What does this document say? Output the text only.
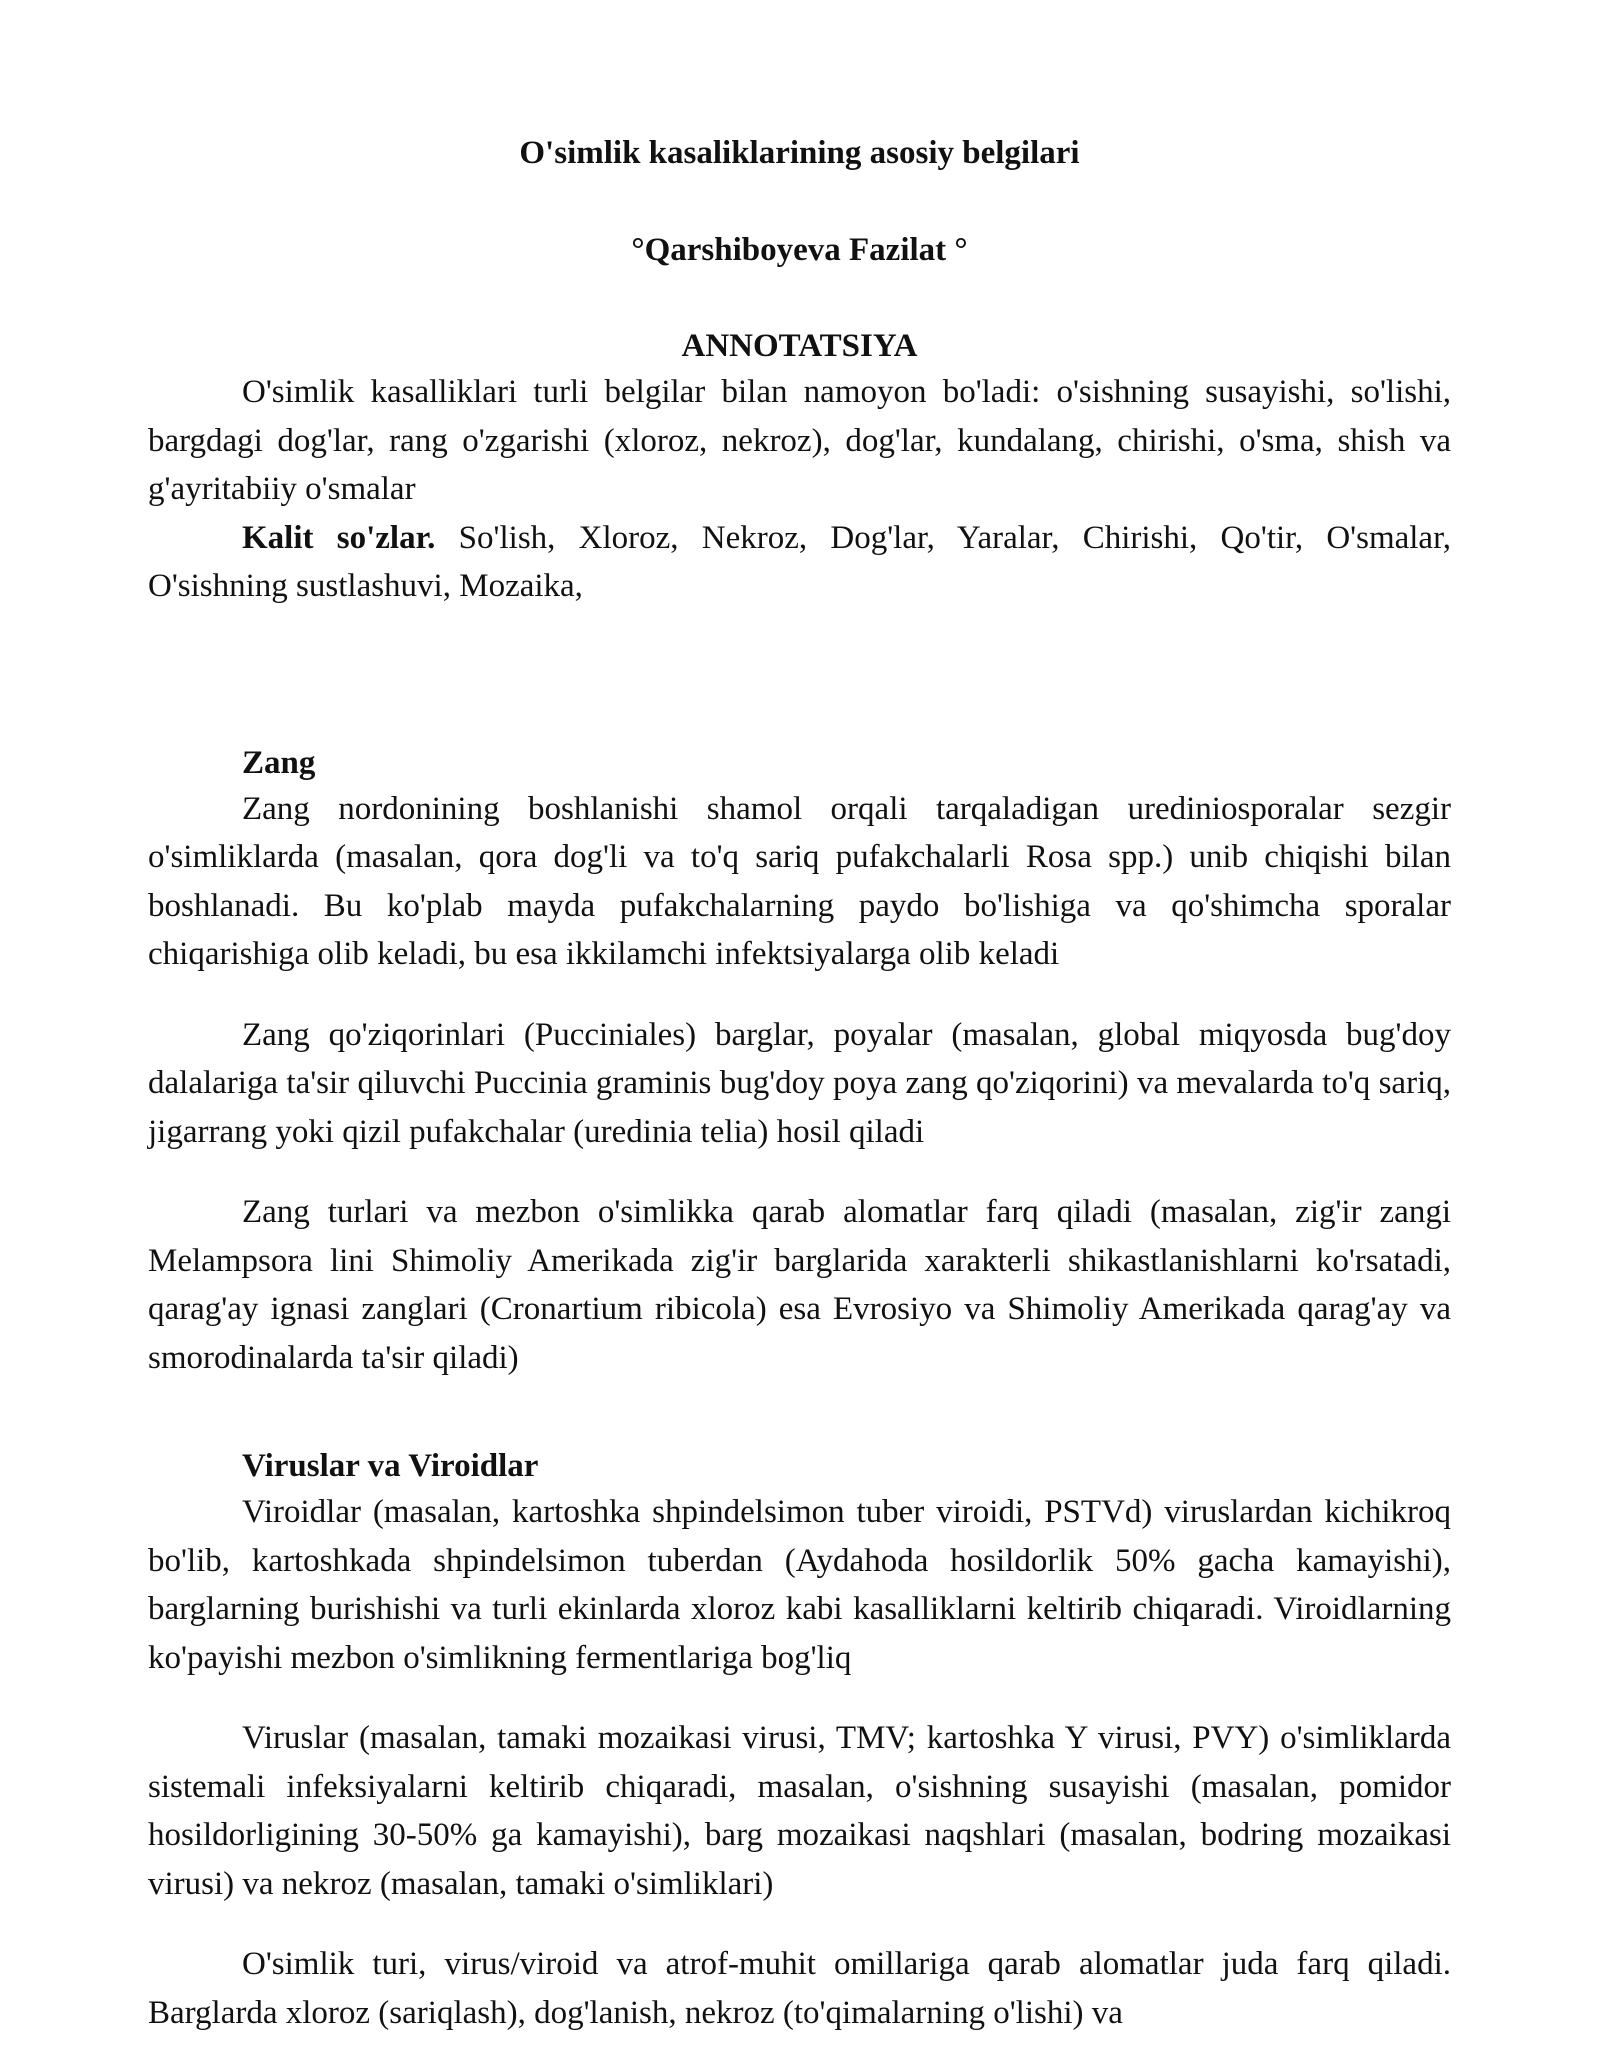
O'simlik kasaliklarining asosiy belgilari

°Qarshiboyeva Fazilat °

ANNOTATSIYA

O'simlik kasalliklari turli belgilar bilan namoyon bo'ladi: o'sishning susayishi, so'lishi, bargdagi dog'lar, rang o'zgarishi (xloroz, nekroz), dog'lar, kundalang, chirishi, o'sma, shish va g'ayritabiiy o'smalar

Kalit so'zlar. So'lish, Xloroz, Nekroz, Dog'lar, Yaralar, Chirishi, Qo'tir, O'smalar, O'sishning sustlashuvi, Mozaika,

Zang

Zang nordonining boshlanishi shamol orqali tarqaladigan urediniosporalar sezgir o'simliklarda (masalan, qora dog'li va to'q sariq pufakchalarli Rosa spp.) unib chiqishi bilan boshlanadi. Bu ko'plab mayda pufakchalarning paydo bo'lishiga va qo'shimcha sporalar chiqarishiga olib keladi, bu esa ikkilamchi infektsiyalarga olib keladi

Zang qo'ziqorinlari (Pucciniales) barglar, poyalar (masalan, global miqyosda bug'doy dalalariga ta'sir qiluvchi Puccinia graminis bug'doy poya zang qo'ziqorini) va mevalarda to'q sariq, jigarrang yoki qizil pufakchalar (uredinia telia) hosil qiladi

Zang turlari va mezbon o'simlikka qarab alomatlar farq qiladi (masalan, zig'ir zangi Melampsora lini Shimoliy Amerikada zig'ir barglarida xarakterli shikastlanishlarni ko'rsatadi, qarag'ay ignasi zanglari (Cronartium ribicola) esa Evrosiyo va Shimoliy Amerikada qarag'ay va smorodinalarda ta'sir qiladi)

Viruslar va Viroidlar

Viroidlar (masalan, kartoshka shpindelsimon tuber viroidi, PSTVd) viruslardan kichikroq bo'lib, kartoshkada shpindelsimon tuberdan (Aydahoda hosildorlik 50% gacha kamayishi), barglarning burishishi va turli ekinlarda xloroz kabi kasalliklarni keltirib chiqaradi. Viroidlarning ko'payishi mezbon o'simlikning fermentlariga bog'liq

Viruslar (masalan, tamaki mozaikasi virusi, TMV; kartoshka Y virusi, PVY) o'simliklarda sistemali infeksiyalarni keltirib chiqaradi, masalan, o'sishning susayishi (masalan, pomidor hosildorligining 30-50% ga kamayishi), barg mozaikasi naqshlari (masalan, bodring mozaikasi virusi) va nekroz (masalan, tamaki o'simliklari)

O'simlik turi, virus/viroid va atrof-muhit omillariga qarab alomatlar juda farq qiladi. Barglarda xloroz (sariqlash), dog'lanish, nekroz (to'qimalarning o'lishi) va
